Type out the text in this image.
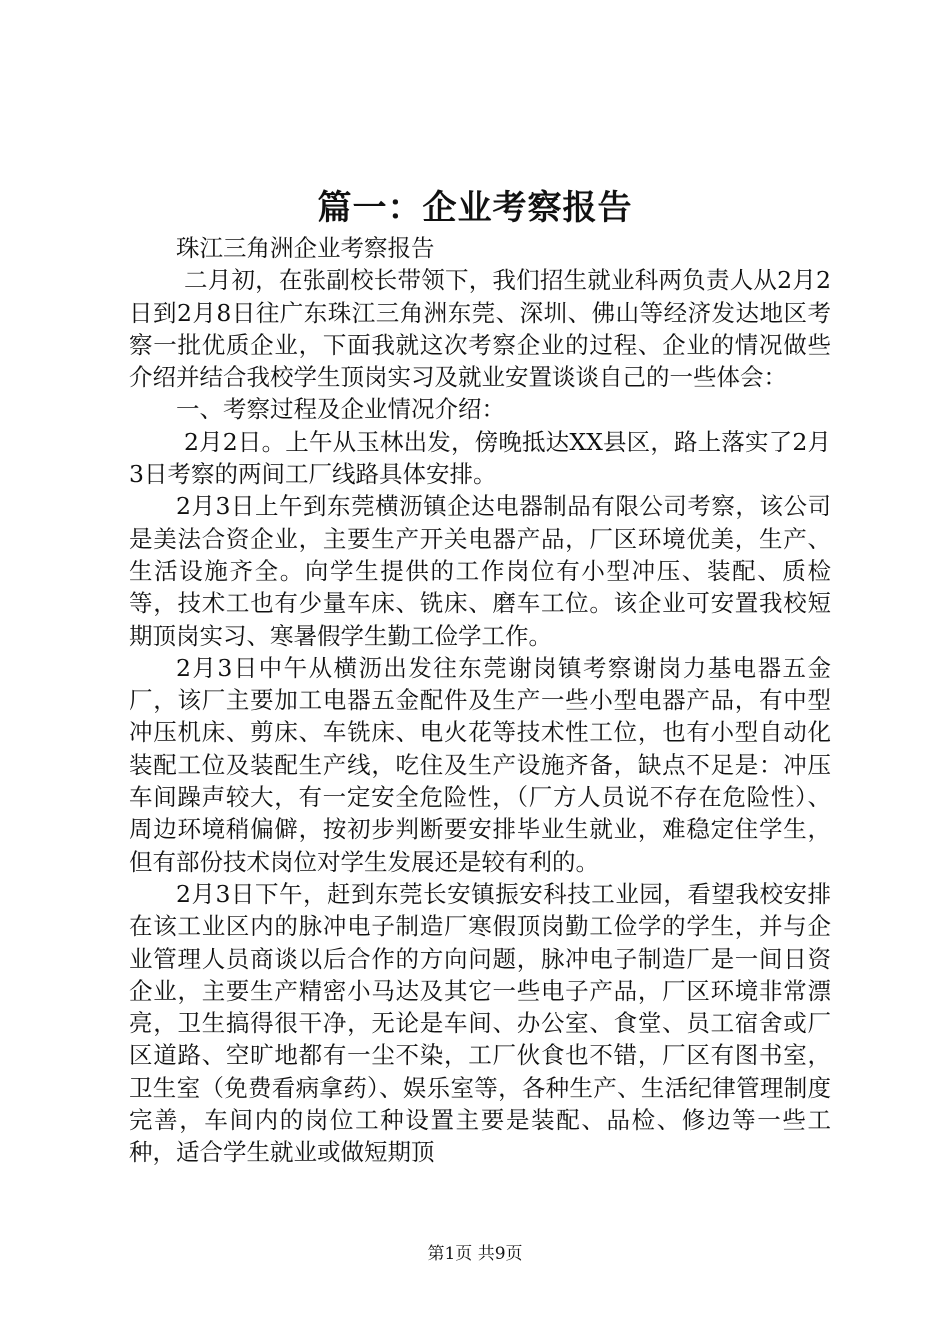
篇一：企业考察报告

珠江三角洲企业考察报告

二月初，在张副校长带领下，我们招生就业科两负责人从2月2日到2月8日往广东珠江三角洲东莞、深圳、佛山等经济发达地区考察一批优质企业，下面我就这次考察企业的过程、企业的情况做些介绍并结合我校学生顶岗实习及就业安置谈谈自己的一些体会：

一、考察过程及企业情况介绍：

2月2日。上午从玉林出发，傍晚抵达XX县区，路上落实了2月3日考察的两间工厂线路具体安排。

2月3日上午到东莞横沥镇企达电器制品有限公司考察，该公司是美法合资企业，主要生产开关电器产品，厂区环境优美，生产、生活设施齐全。向学生提供的工作岗位有小型冲压、装配、质检等，技术工也有少量车床、铣床、磨车工位。该企业可安置我校短期顶岗实习、寒暑假学生勤工俭学工作。

2月3日中午从横沥出发往东莞谢岗镇考察谢岗力基电器五金厂，该厂主要加工电器五金配件及生产一些小型电器产品，有中型冲压机床、剪床、车铣床、电火花等技术性工位，也有小型自动化装配工位及装配生产线，吃住及生产设施齐备，缺点不足是：冲压车间躁声较大，有一定安全危险性，（厂方人员说不存在危险性）、周边环境稍偏僻，按初步判断要安排毕业生就业，难稳定住学生，但有部份技术岗位对学生发展还是较有利的。

2月3日下午，赶到东莞长安镇振安科技工业园，看望我校安排在该工业区内的脉冲电子制造厂寒假顶岗勤工俭学的学生，并与企业管理人员商谈以后合作的方向问题，脉冲电子制造厂是一间日资企业，主要生产精密小马达及其它一些电子产品，厂区环境非常漂亮，卫生搞得很干净，无论是车间、办公室、食堂、员工宿舍或厂区道路、空旷地都有一尘不染，工厂伙食也不错，厂区有图书室，卫生室（免费看病拿药）、娱乐室等，各种生产、生活纪律管理制度完善，车间内的岗位工种设置主要是装配、品检、修边等一些工种，适合学生就业或做短期顶

第1页 共9页
